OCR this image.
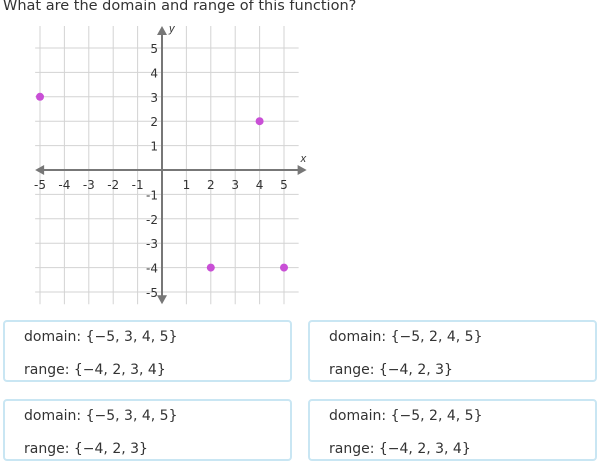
What are the domain and range of this function?
x
y
-5 -4 -3 -2 -1	1 2 3 4 5
5
4
3
2
1
-1
-2
-3
-4
-5
domain: {−5, 3, 4, 5}
range: {−4, 2, 3, 4}
domain: {−5, 2, 4, 5}
range: {−4, 2, 3}
domain: {−5, 3, 4, 5}
range: {−4, 2, 3}
domain: {−5, 2, 4, 5}
range: {−4, 2, 3, 4}
